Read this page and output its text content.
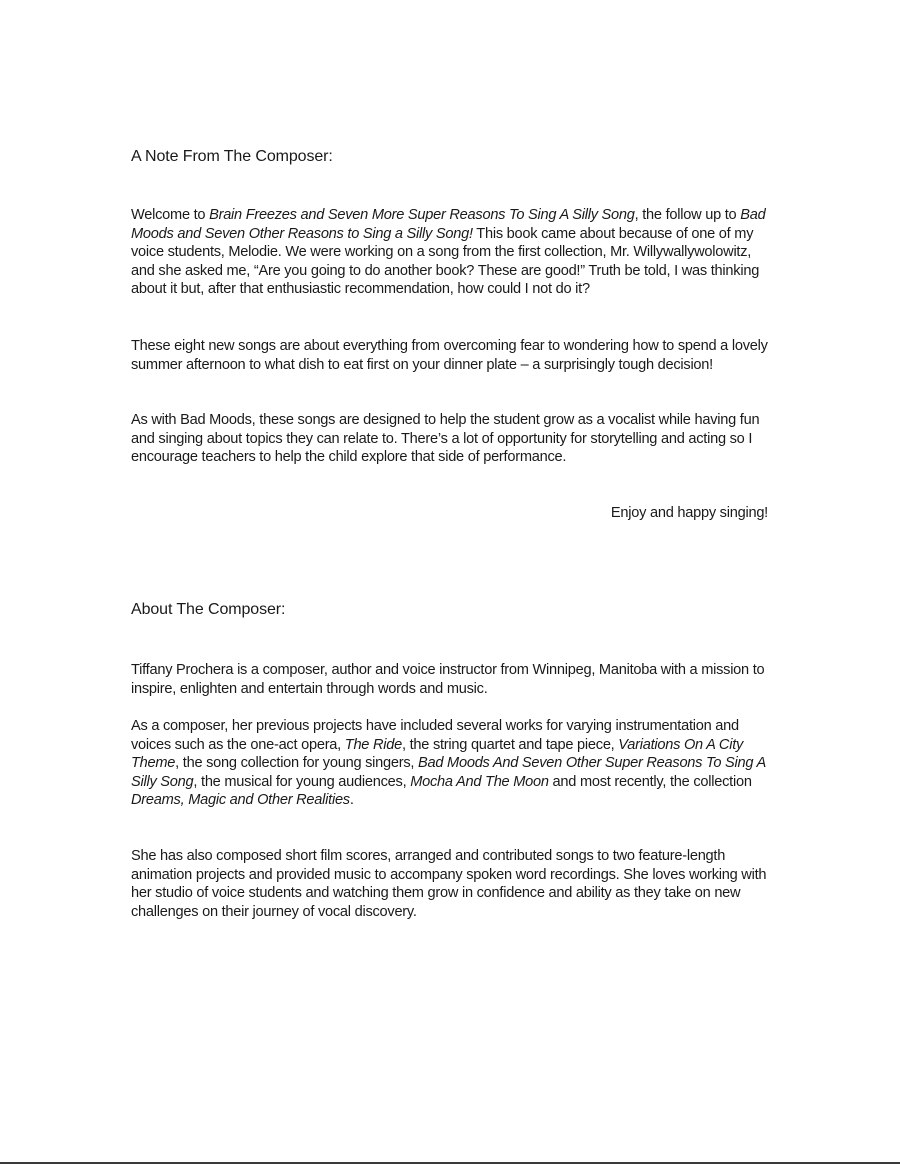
A Note From The Composer:

Welcome to Brain Freezes and Seven More Super Reasons To Sing A Silly Song, the follow up to Bad Moods and Seven Other Reasons to Sing a Silly Song! This book came about because of one of my voice students, Melodie. We were working on a song from the first collection, Mr. Willywallywolowitz, and she asked me, “Are you going to do another book? These are good!” Truth be told, I was thinking about it but, after that enthusiastic recommendation, how could I not do it?

These eight new songs are about everything from overcoming fear to wondering how to spend a lovely summer afternoon to what dish to eat first on your dinner plate – a surprisingly tough decision!

As with Bad Moods, these songs are designed to help the student grow as a vocalist while having fun and singing about topics they can relate to. There’s a lot of opportunity for storytelling and acting so I encourage teachers to help the child explore that side of performance.

Enjoy and happy singing!

About The Composer:

Tiffany Prochera is a composer, author and voice instructor from Winnipeg, Manitoba with a mission to inspire, enlighten and entertain through words and music.

As a composer, her previous projects have included several works for varying instrumentation and voices such as the one-act opera, The Ride, the string quartet and tape piece, Variations On A City Theme, the song collection for young singers, Bad Moods And Seven Other Super Reasons To Sing A Silly Song, the musical for young audiences, Mocha And The Moon and most recently, the collection Dreams, Magic and Other Realities.

She has also composed short film scores, arranged and contributed songs to two feature-length animation projects and provided music to accompany spoken word recordings. She loves working with her studio of voice students and watching them grow in confidence and ability as they take on new challenges on their journey of vocal discovery.
